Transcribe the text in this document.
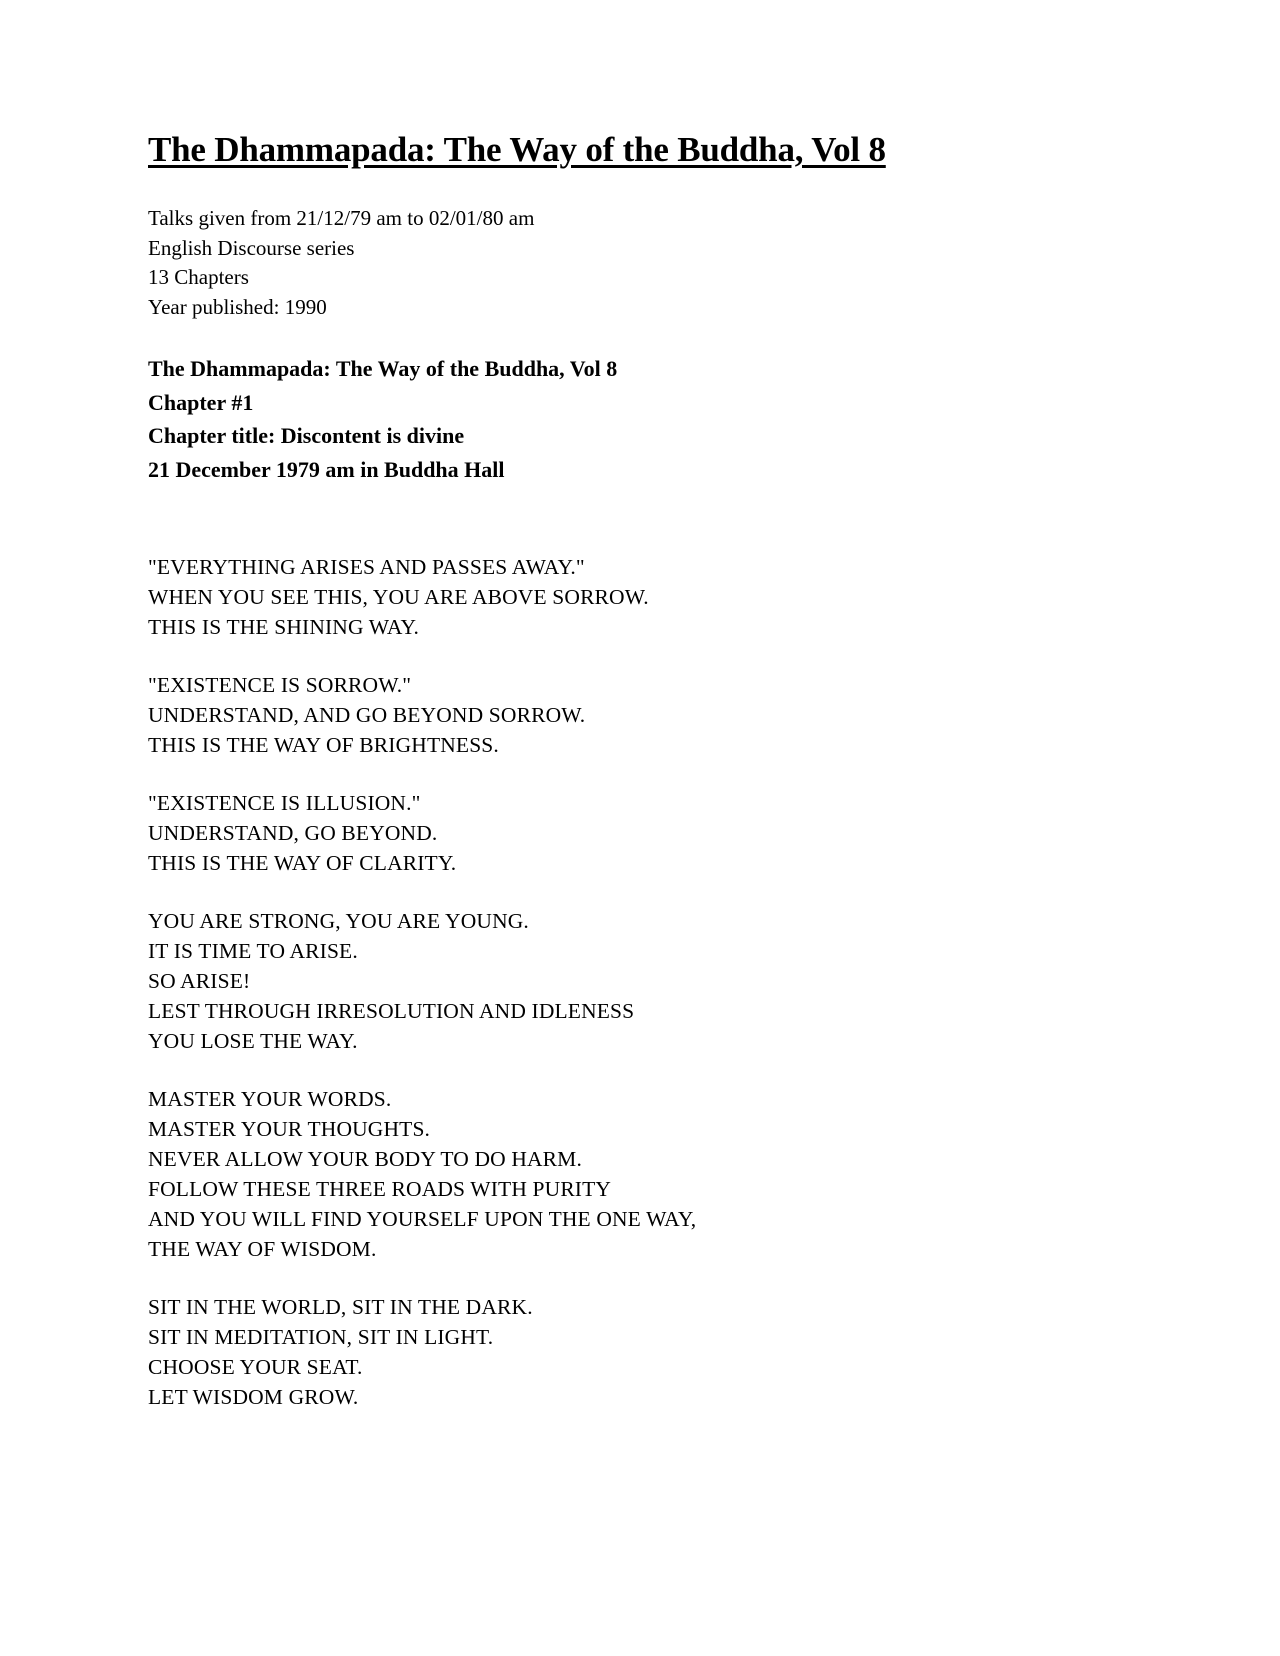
The Dhammapada: The Way of the Buddha, Vol 8
Talks given from 21/12/79 am to 02/01/80 am
English Discourse series
13 Chapters
Year published: 1990
The Dhammapada: The Way of the Buddha, Vol 8
Chapter #1
Chapter title: Discontent is divine
21 December 1979 am in Buddha Hall
"EVERYTHING ARISES AND PASSES AWAY."
WHEN YOU SEE THIS, YOU ARE ABOVE SORROW.
THIS IS THE SHINING WAY.
"EXISTENCE IS SORROW."
UNDERSTAND, AND GO BEYOND SORROW.
THIS IS THE WAY OF BRIGHTNESS.
"EXISTENCE IS ILLUSION."
UNDERSTAND, GO BEYOND.
THIS IS THE WAY OF CLARITY.
YOU ARE STRONG, YOU ARE YOUNG.
IT IS TIME TO ARISE.
SO ARISE!
LEST THROUGH IRRESOLUTION AND IDLENESS
YOU LOSE THE WAY.
MASTER YOUR WORDS.
MASTER YOUR THOUGHTS.
NEVER ALLOW YOUR BODY TO DO HARM.
FOLLOW THESE THREE ROADS WITH PURITY
AND YOU WILL FIND YOURSELF UPON THE ONE WAY,
THE WAY OF WISDOM.
SIT IN THE WORLD, SIT IN THE DARK.
SIT IN MEDITATION, SIT IN LIGHT.
CHOOSE YOUR SEAT.
LET WISDOM GROW.
